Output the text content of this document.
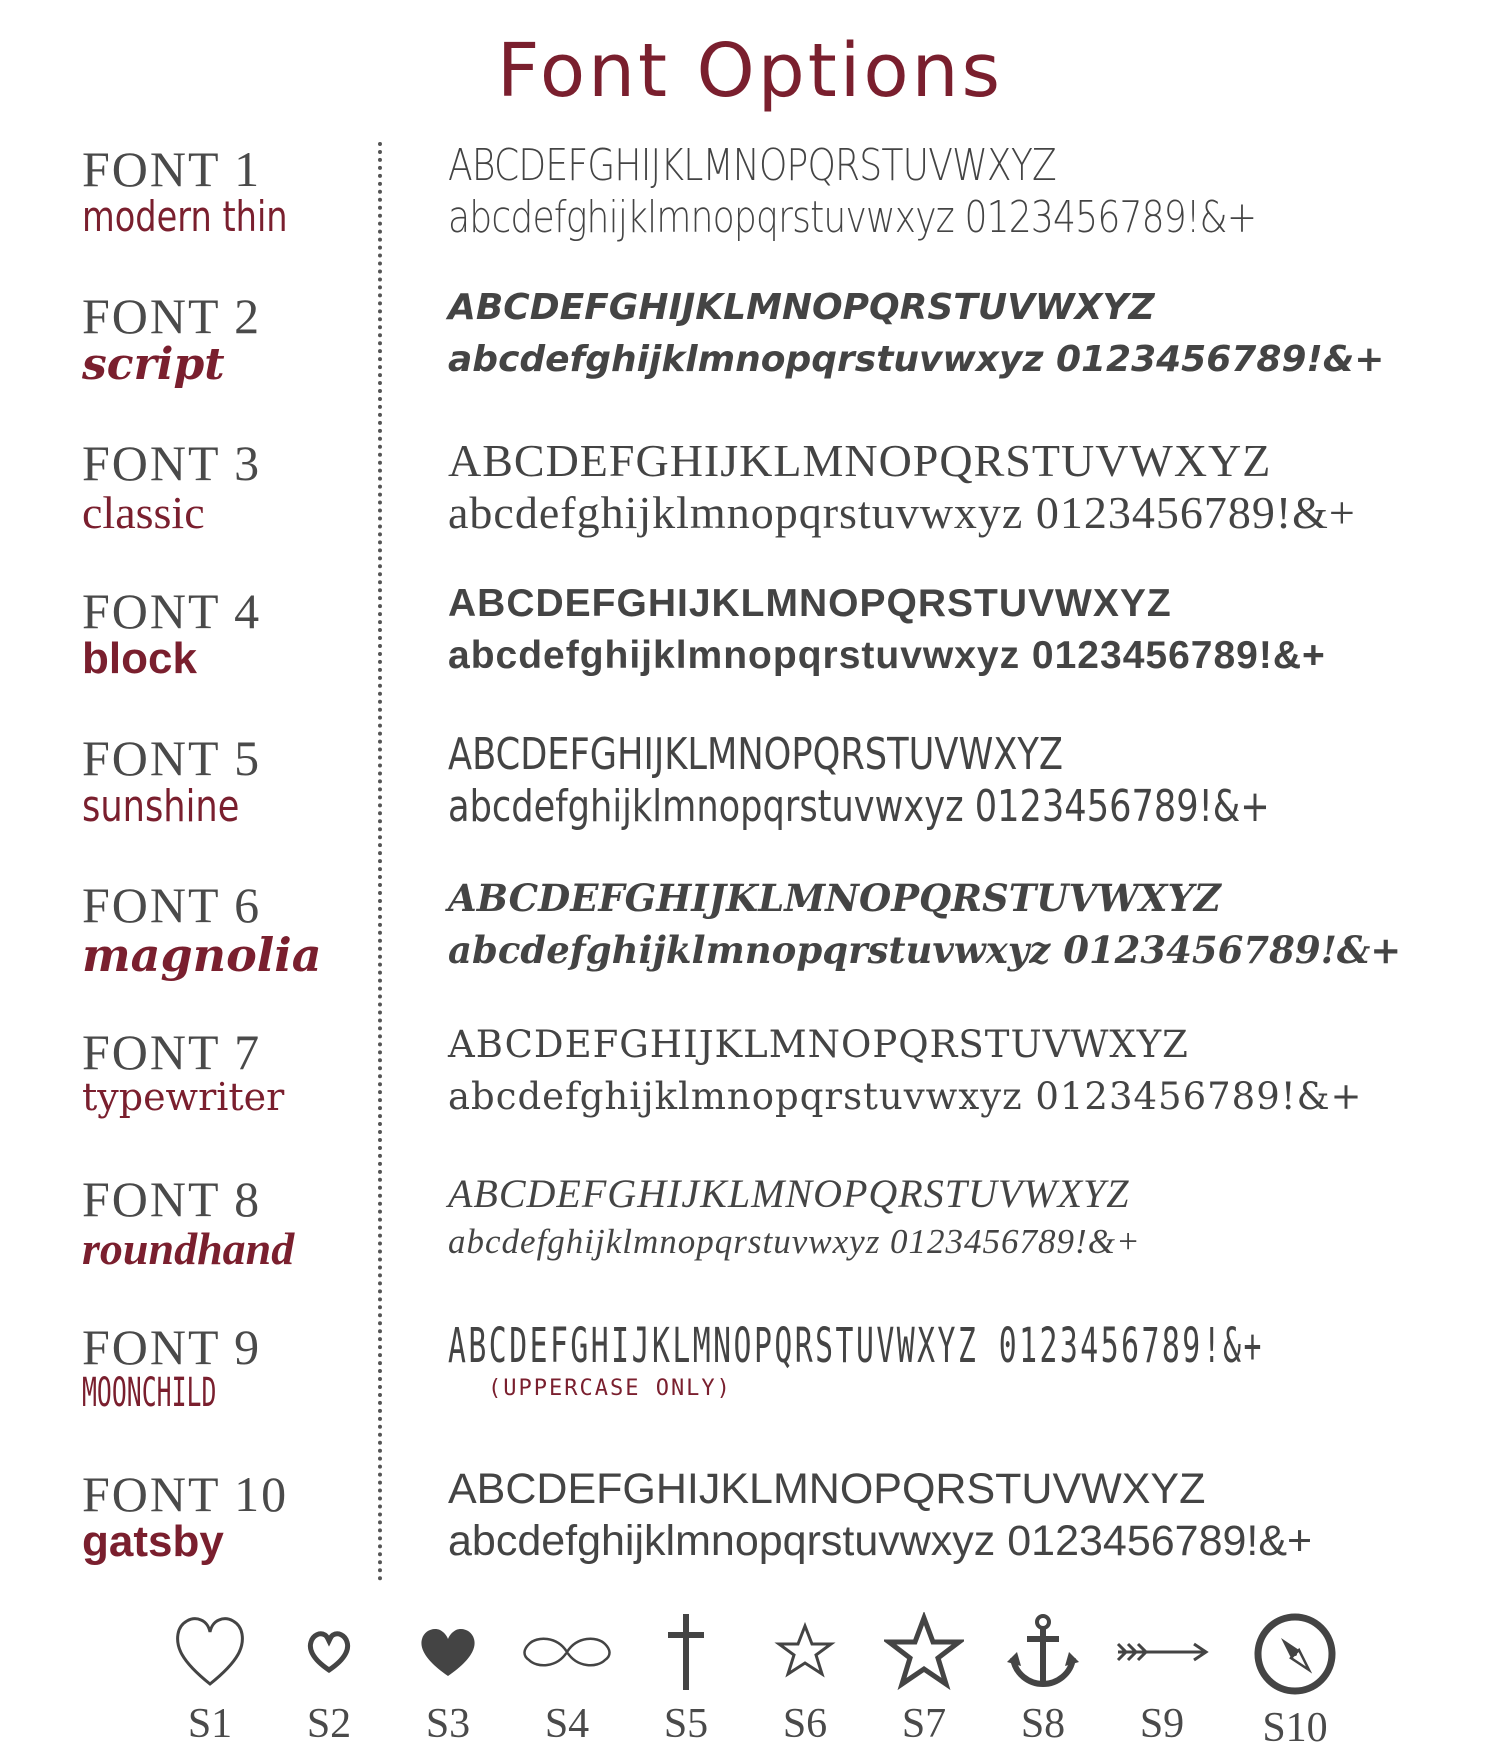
Font Options
FONT 1
modern thin
ABCDEFGHIJKLMNOPQRSTUVWXYZ
abcdefghijklmnopqrstuvwxyz 0123456789!&+
FONT 2
script
ABCDEFGHIJKLMNOPQRSTUVWXYZ
abcdefghijklmnopqrstuvwxyz 0123456789!&+
FONT 3
classic
ABCDEFGHIJKLMNOPQRSTUVWXYZ
abcdefghijklmnopqrstuvwxyz 0123456789!&+
FONT 4
block
ABCDEFGHIJKLMNOPQRSTUVWXYZ
abcdefghijklmnopqrstuvwxyz 0123456789!&+
FONT 5
sunshine
ABCDEFGHIJKLMNOPQRSTUVWXYZ
abcdefghijklmnopqrstuvwxyz 0123456789!&+
FONT 6
magnolia
ABCDEFGHIJKLMNOPQRSTUVWXYZ
abcdefghijklmnopqrstuvwxyz 0123456789!&+
FONT 7
typewriter
ABCDEFGHIJKLMNOPQRSTUVWXYZ
abcdefghijklmnopqrstuvwxyz 0123456789!&+
FONT 8
roundhand
ABCDEFGHIJKLMNOPQRSTUVWXYZ
abcdefghijklmnopqrstuvwxyz 0123456789!&+
FONT 9
MOONCHILD
ABCDEFGHIJKLMNOPQRSTUVWXYZ 0123456789!&+
(UPPERCASE ONLY)
FONT 10
gatsby
ABCDEFGHIJKLMNOPQRSTUVWXYZ
abcdefghijklmnopqrstuvwxyz 0123456789!&+
S1	S2	S3	S4	S5	S6	S7	S8	S9	S10
